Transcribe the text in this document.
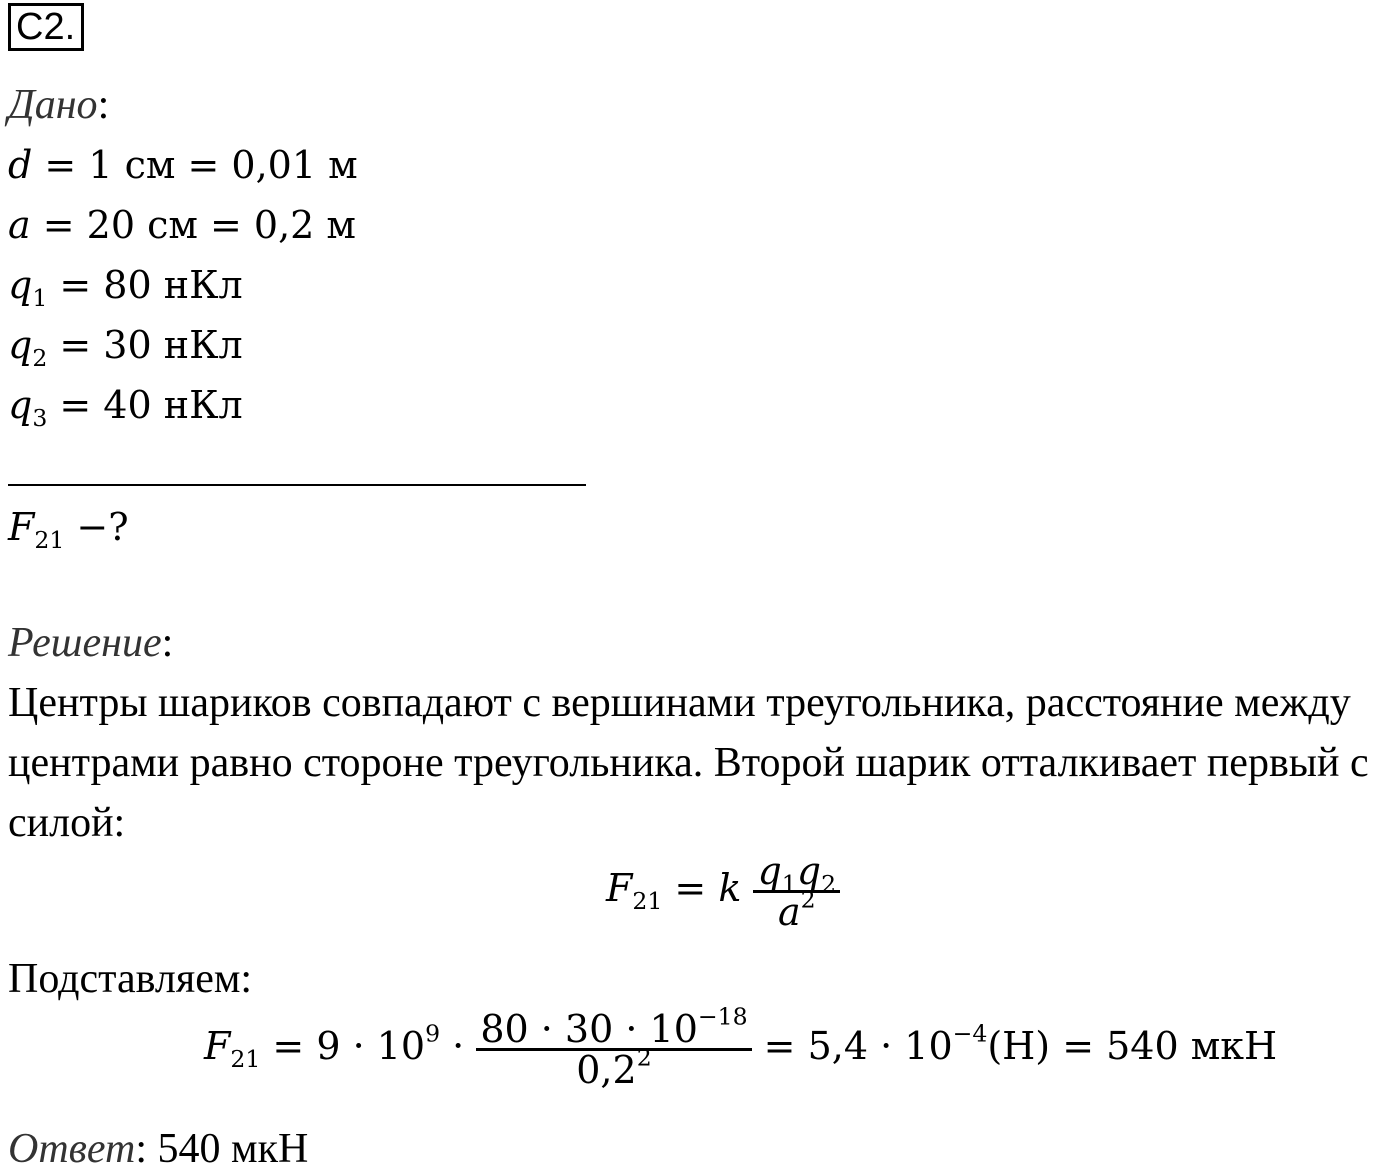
С2.
Дано:
d = 1 см = 0,01 м
a = 20 см = 0,2 м
$q_1 = 80$ нКл
$q_2 = 30$ нКл
$q_3 = 40$ нКл
$F_{21}$ −?
Решение:
Центры шариков совпадают с вершинами треугольника, расстояние между
центрами равно стороне треугольника. Второй шарик отталкивает первый с
силой:
$F_{21} = k \frac{q_1q_2}{a^2}$
Подставляем:
$F_{21} = 9 \cdot 10^9 \cdot \frac{80 \cdot 30 \cdot 10^{-18}}{0,2^2} = 5,4 \cdot 10^{-4}(Н) = 540$ мкН
Ответ: 540 мкН
